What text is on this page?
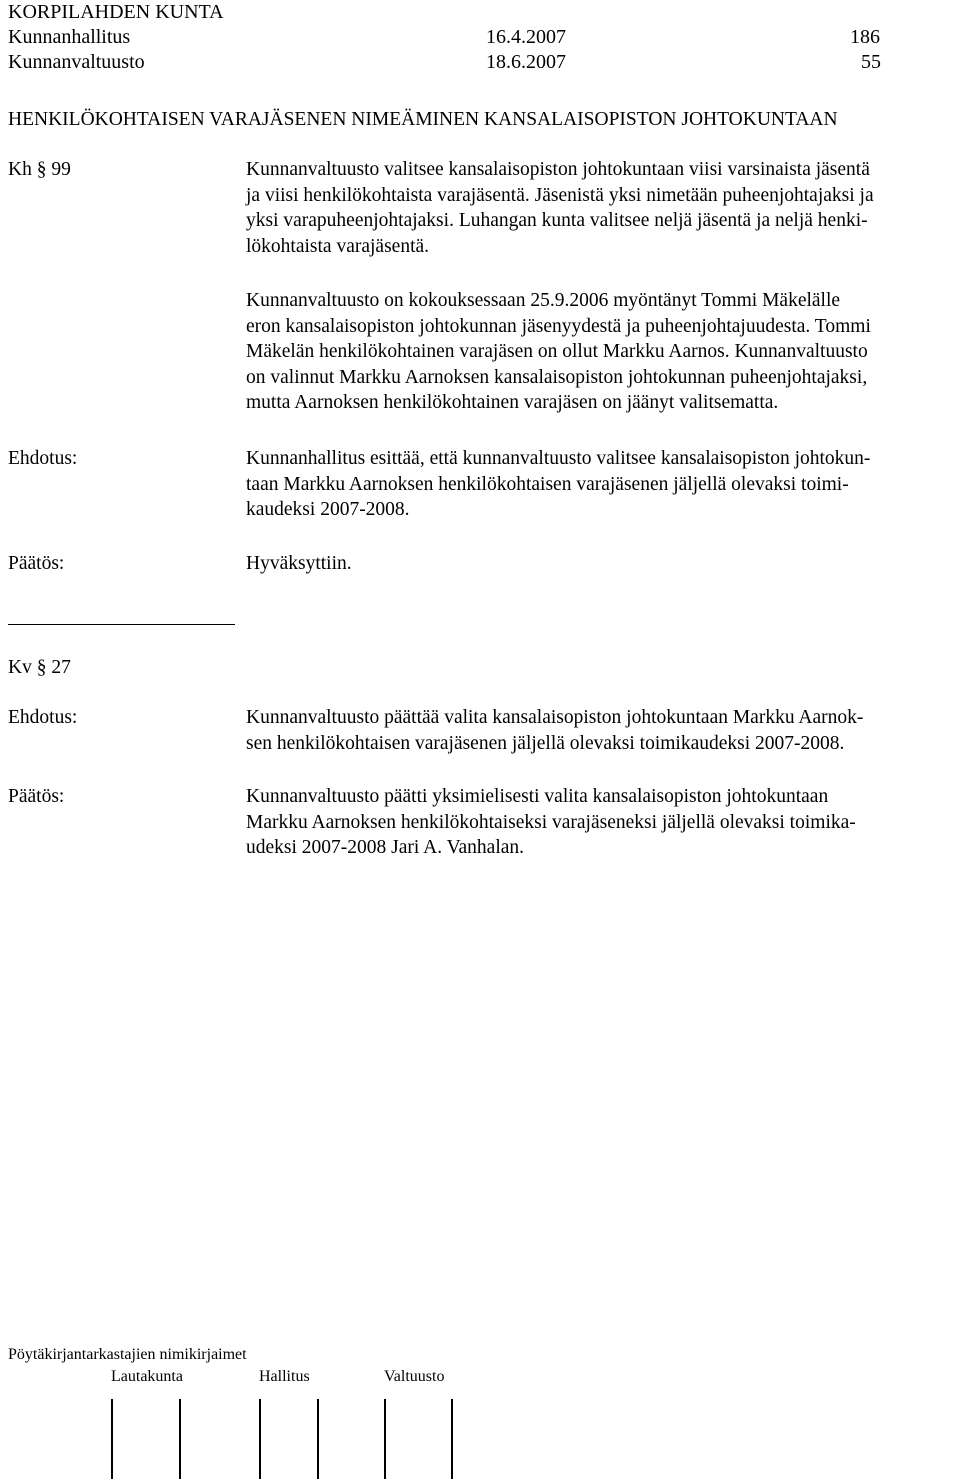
KORPILAHDEN KUNTA
Kunnanhallitus	16.4.2007	186
Kunnanvaltuusto	18.6.2007	55
HENKILÖKOHTAISEN VARAJÄSENEN NIMEÄMINEN KANSALAISOPISTON JOHTOKUNTAAN
Kh § 99	Kunnanvaltuusto valitsee kansalaisopiston johtokuntaan viisi varsinaista jäsentä
ja viisi henkilökohtaista varajäsentä. Jäsenistä yksi nimetään puheenjohtajaksi ja
yksi varapuheenjohtajaksi. Luhangan kunta valitsee neljä jäsentä ja neljä henki-
lökohtaista varajäsentä.
Kunnanvaltuusto on kokouksessaan 25.9.2006 myöntänyt Tommi Mäkelälle
eron kansalaisopiston johtokunnan jäsenyydestä ja puheenjohtajuudesta. Tommi
Mäkelän henkilökohtainen varajäsen on ollut Markku Aarnos. Kunnanvaltuusto
on valinnut Markku Aarnoksen kansalaisopiston johtokunnan puheenjohtajaksi,
mutta Aarnoksen henkilökohtainen varajäsen on jäänyt valitsematta.
Ehdotus:	Kunnanhallitus esittää, että kunnanvaltuusto valitsee kansalaisopiston johtokun-
taan Markku Aarnoksen henkilökohtaisen varajäsenen jäljellä olevaksi toimi-
kaudeksi 2007-2008.
Päätös:	Hyväksyttiin.
Kv § 27
Ehdotus:	Kunnanvaltuusto päättää valita kansalaisopiston johtokuntaan Markku Aarnok-
sen henkilökohtaisen varajäsenen jäljellä olevaksi toimikaudeksi 2007-2008.
Päätös:	Kunnanvaltuusto päätti yksimielisesti valita kansalaisopiston johtokuntaan
Markku Aarnoksen henkilökohtaiseksi varajäseneksi jäljellä olevaksi toimika-
udeksi 2007-2008 Jari A. Vanhalan.
Pöytäkirjantarkastajien nimikirjaimet
Lautakunta	Hallitus	Valtuusto
